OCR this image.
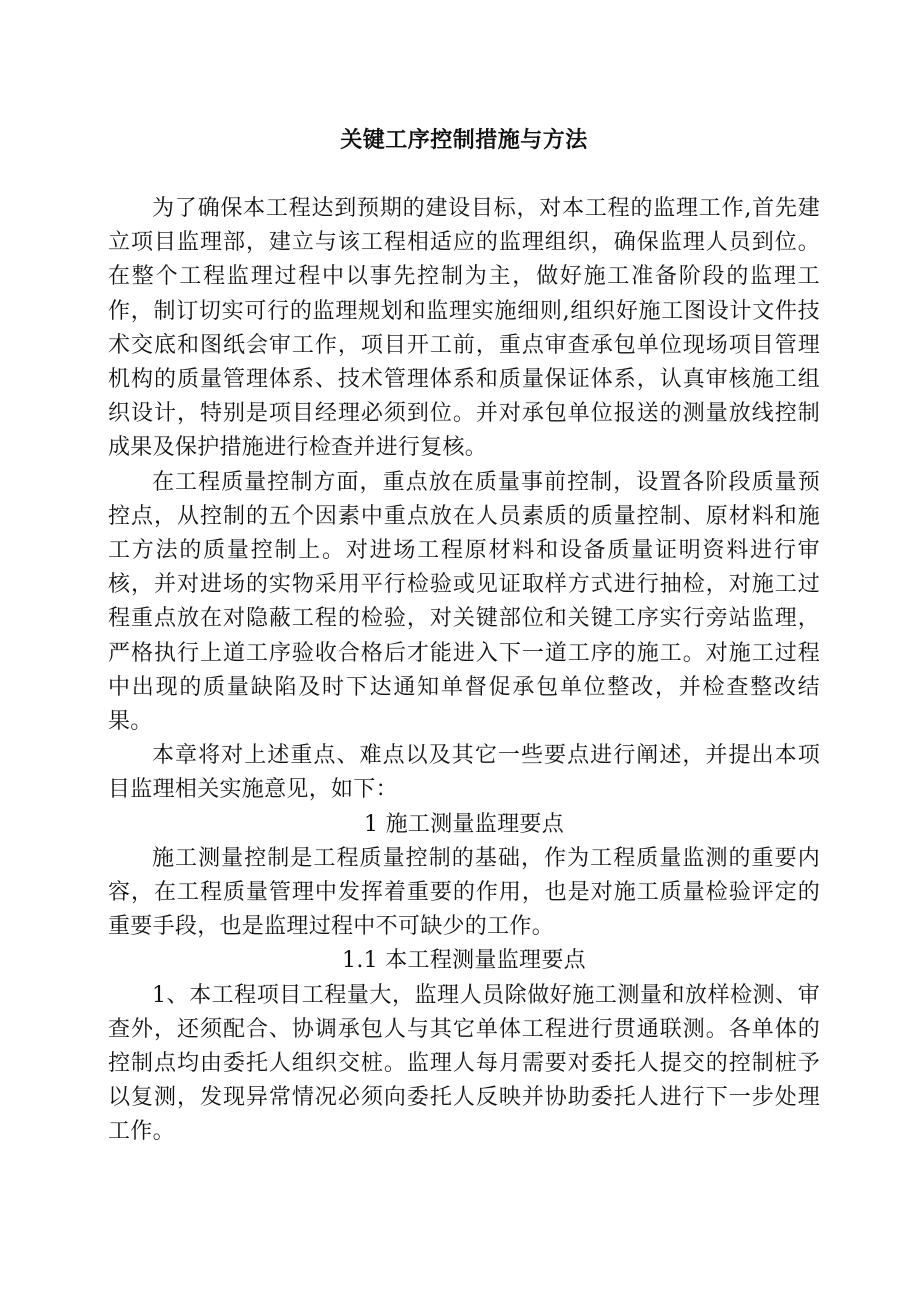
关键工序控制措施与方法

为了确保本工程达到预期的建设目标，对本工程的监理工作,首先建立项目监理部，建立与该工程相适应的监理组织，确保监理人员到位。在整个工程监理过程中以事先控制为主，做好施工准备阶段的监理工作，制订切实可行的监理规划和监理实施细则,组织好施工图设计文件技术交底和图纸会审工作，项目开工前，重点审查承包单位现场项目管理机构的质量管理体系、技术管理体系和质量保证体系，认真审核施工组织设计，特别是项目经理必须到位。并对承包单位报送的测量放线控制成果及保护措施进行检查并进行复核。

在工程质量控制方面，重点放在质量事前控制，设置各阶段质量预控点，从控制的五个因素中重点放在人员素质的质量控制、原材料和施工方法的质量控制上。对进场工程原材料和设备质量证明资料进行审核，并对进场的实物采用平行检验或见证取样方式进行抽检，对施工过程重点放在对隐蔽工程的检验，对关键部位和关键工序实行旁站监理，严格执行上道工序验收合格后才能进入下一道工序的施工。对施工过程中出现的质量缺陷及时下达通知单督促承包单位整改，并检查整改结果。

本章将对上述重点、难点以及其它一些要点进行阐述，并提出本项目监理相关实施意见，如下：

1 施工测量监理要点

施工测量控制是工程质量控制的基础，作为工程质量监测的重要内容，在工程质量管理中发挥着重要的作用，也是对施工质量检验评定的重要手段，也是监理过程中不可缺少的工作。

1.1 本工程测量监理要点

1、本工程项目工程量大，监理人员除做好施工测量和放样检测、审查外，还须配合、协调承包人与其它单体工程进行贯通联测。各单体的控制点均由委托人组织交桩。监理人每月需要对委托人提交的控制桩予以复测，发现异常情况必须向委托人反映并协助委托人进行下一步处理工作。
